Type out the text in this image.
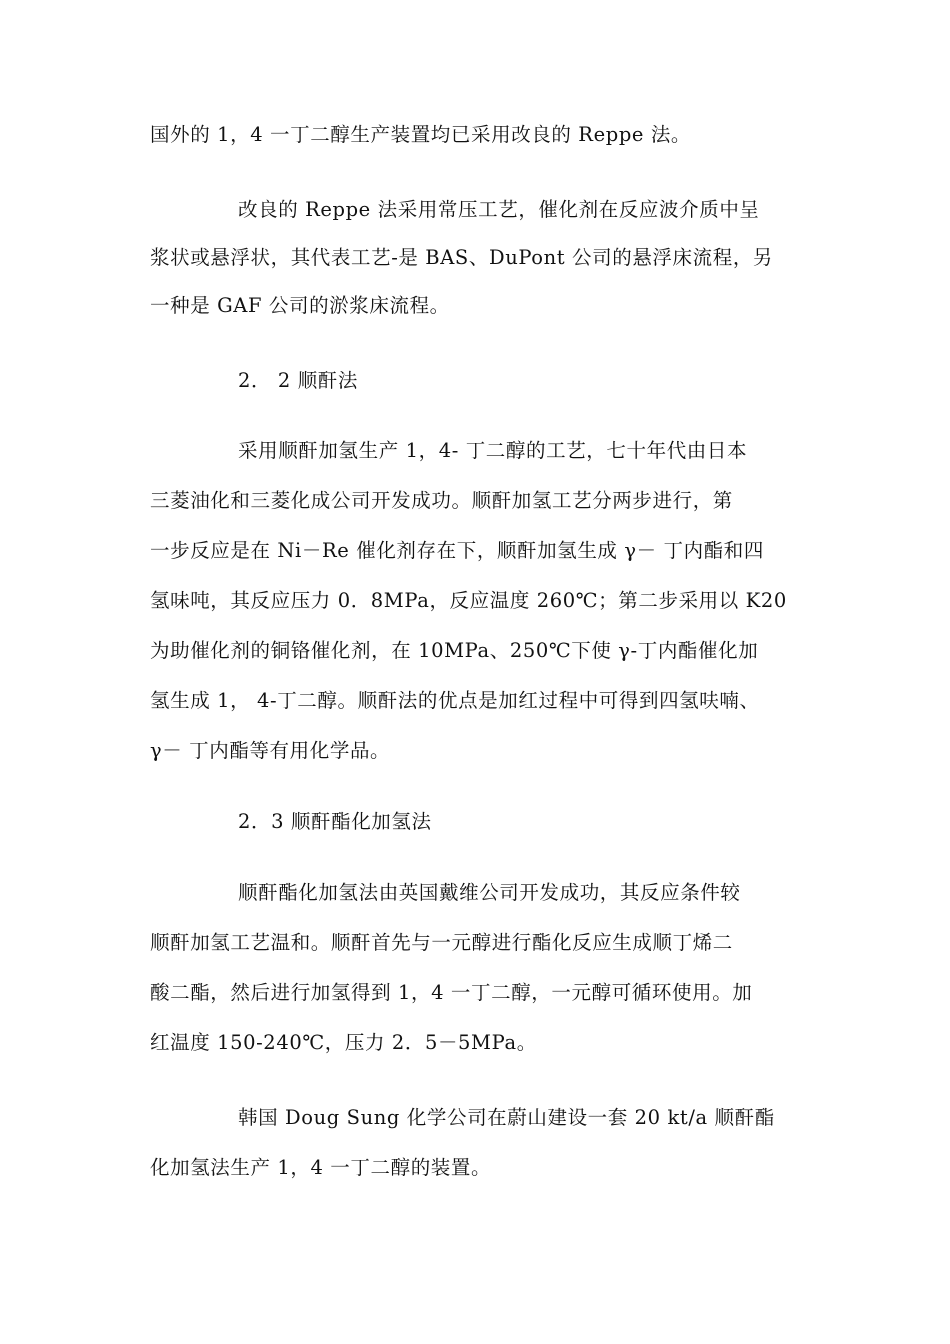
国外的 1，4 一丁二醇生产装置均已采用改良的 Reppe 法。
改良的 Reppe 法采用常压工艺，催化剂在反应波介质中呈
浆状或悬浮状，其代表工艺-是 BAS、DuPont 公司的悬浮床流程，另
一种是 GAF 公司的淤浆床流程。
2． 2 顺酐法
采用顺酐加氢生产 1，4- 丁二醇的工艺，七十年代由日本
三菱油化和三菱化成公司开发成功。顺酐加氢工艺分两步进行，第
一步反应是在 Ni－Re 催化剂存在下，顺酐加氢生成 γ－ 丁内酯和四
氢味吨，其反应压力 0．8MPa，反应温度 260℃；第二步采用以 K20
为助催化剂的铜铬催化剂，在 10MPa、250℃下使 γ-丁内酯催化加
氢生成 1， 4-丁二醇。顺酐法的优点是加红过程中可得到四氢呋喃、
γ－ 丁内酯等有用化学品。
2．3 顺酐酯化加氢法
顺酐酯化加氢法由英国戴维公司开发成功，其反应条件较
顺酐加氢工艺温和。顺酐首先与一元醇进行酯化反应生成顺丁烯二
酸二酯，然后进行加氢得到 1，4 一丁二醇，一元醇可循环使用。加
红温度 150-240℃，压力 2．5－5MPa。
韩国 Doug Sung 化学公司在蔚山建设一套 20 kt/a 顺酐酯
化加氢法生产 1，4 一丁二醇的装置。
